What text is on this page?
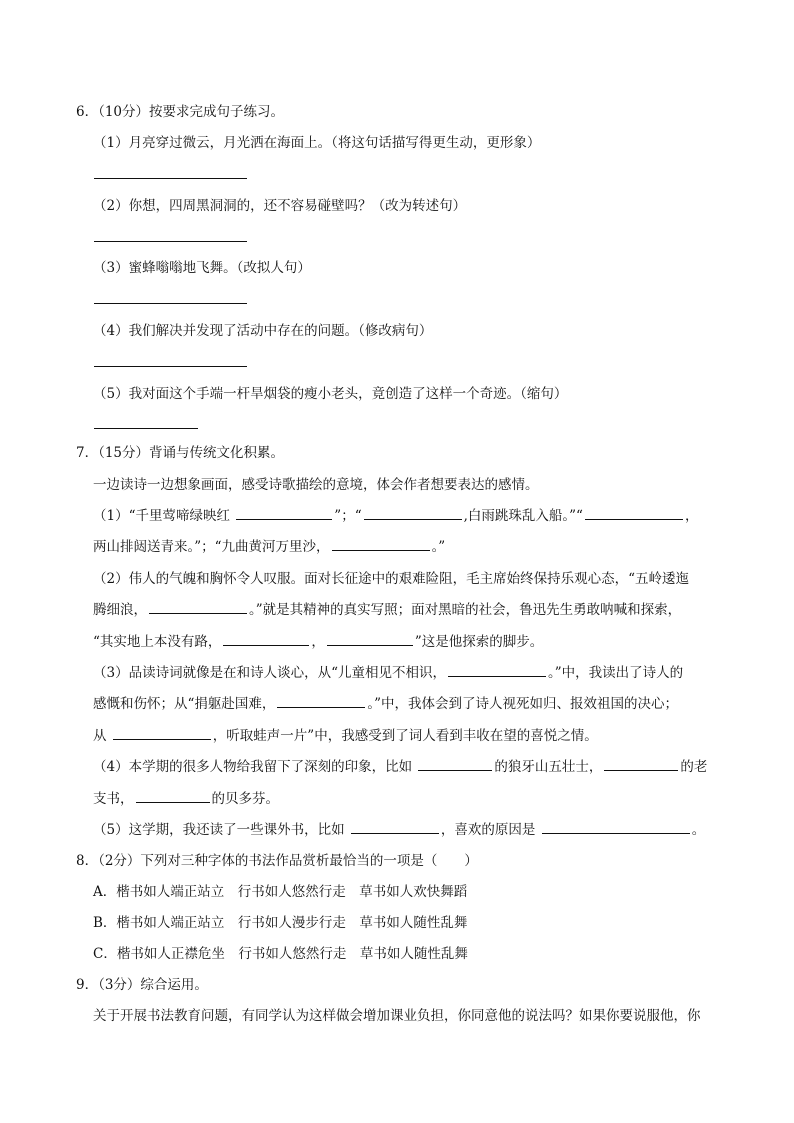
6．（10分）按要求完成句子练习。
（1）月亮穿过微云，月光洒在海面上。（将这句话描写得更生动，更形象）
（2）你想，四周黑洞洞的，还不容易碰壁吗？（改为转述句）
（3）蜜蜂嗡嗡地飞舞。（改拟人句）
（4）我们解决并发现了活动中存在的问题。（修改病句）
（5）我对面这个手端一杆旱烟袋的瘦小老头，竟创造了这样一个奇迹。（缩句）
7．（15分）背诵与传统文化积累。
一边读诗一边想象画面，感受诗歌描绘的意境，体会作者想要表达的感情。
（1）“千里莺啼绿映红	”；“	,白雨跳珠乱入船。”“	，
两山排闼送青来。”；“九曲黄河万里沙，	。”
（2）伟人的气魄和胸怀令人叹服。面对长征途中的艰难险阻，毛主席始终保持乐观心态，“五岭逶迤
腾细浪，	。”就是其精神的真实写照；面对黑暗的社会，鲁迅先生勇敢呐喊和探索，
“其实地上本没有路，	，	”这是他探索的脚步。
（3）品读诗词就像是在和诗人谈心，从“儿童相见不相识，	。”中，我读出了诗人的
感慨和伤怀；从“捐躯赴国难，	。”中，我体会到了诗人视死如归、报效祖国的决心；
从	，听取蛙声一片”中，我感受到了词人看到丰收在望的喜悦之情。
（4）本学期的很多人物给我留下了深刻的印象，比如	的狼牙山五壮士，	的老
支书，	的贝多芬。
（5）这学期，我还读了一些课外书，比如	，喜欢的原因是	。
8．（2分）下列对三种字体的书法作品赏析最恰当的一项是（　　）
A．楷书如人端正站立　行书如人悠然行走　草书如人欢快舞蹈
B．楷书如人端正站立　行书如人漫步行走　草书如人随性乱舞
C．楷书如人正襟危坐　行书如人悠然行走　草书如人随性乱舞
9．（3分）综合运用。
关于开展书法教育问题，有同学认为这样做会增加课业负担，你同意他的说法吗？如果你要说服他，你
